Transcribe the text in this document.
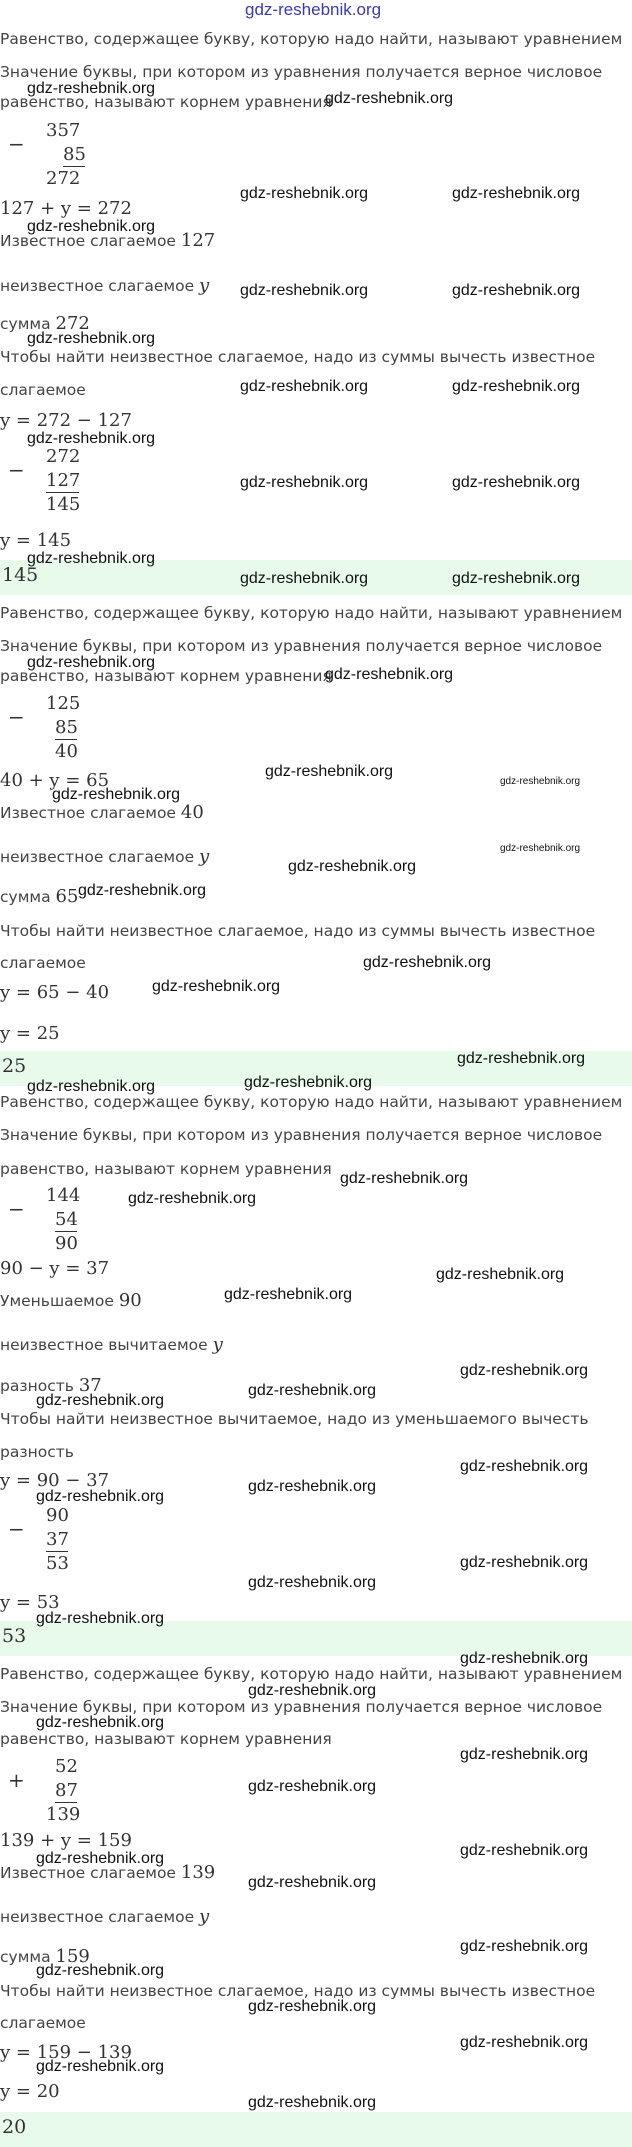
gdz-reshebnik.org
Равенство, содержащее букву, которую надо найти, называют уравнением
Значение буквы, при котором из уравнения получается верное числовое
равенство, называют корнем уравнения
−
357
85
272
127 + y = 272
Известное слагаемое 127
неизвестное слагаемое y
сумма 272
Чтобы найти неизвестное слагаемое, надо из суммы вычесть известное
слагаемое
y = 272 − 127
−
272
127
145
y = 145
145
Равенство, содержащее букву, которую надо найти, называют уравнением
Значение буквы, при котором из уравнения получается верное числовое
равенство, называют корнем уравнения
−
125
85
40
40 + y = 65
Известное слагаемое 40
неизвестное слагаемое y
сумма 65
Чтобы найти неизвестное слагаемое, надо из суммы вычесть известное
слагаемое
y = 65 − 40
y = 25
25
Равенство, содержащее букву, которую надо найти, называют уравнением
Значение буквы, при котором из уравнения получается верное числовое
равенство, называют корнем уравнения
−
144
54
90
90 − y = 37
Уменьшаемое 90
неизвестное вычитаемое y
разность 37
Чтобы найти неизвестное вычитаемое, надо из уменьшаемого вычесть
разность
y = 90 − 37
−
90
37
53
y = 53
53
Равенство, содержащее букву, которую надо найти, называют уравнением
Значение буквы, при котором из уравнения получается верное числовое
равенство, называют корнем уравнения
+
52
87
139
139 + y = 159
Известное слагаемое 139
неизвестное слагаемое y
сумма 159
Чтобы найти неизвестное слагаемое, надо из суммы вычесть известное
слагаемое
y = 159 − 139
y = 20
20
gdz-reshebnik.org
gdz-reshebnik.org
gdz-reshebnik.org	gdz-reshebnik.org
gdz-reshebnik.org
gdz-reshebnik.org	gdz-reshebnik.org
gdz-reshebnik.org
gdz-reshebnik.org	gdz-reshebnik.org
gdz-reshebnik.org
gdz-reshebnik.org	gdz-reshebnik.org
gdz-reshebnik.org
gdz-reshebnik.org	gdz-reshebnik.org
gdz-reshebnik.org
gdz-reshebnik.org
gdz-reshebnik.org
gdz-reshebnik.org
gdz-reshebnik.org
gdz-reshebnik.org
gdz-reshebnik.org
gdz-reshebnik.org
gdz-reshebnik.org
gdz-reshebnik.org
gdz-reshebnik.org
gdz-reshebnik.org	gdz-reshebnik.org
gdz-reshebnik.org
gdz-reshebnik.org
gdz-reshebnik.org
gdz-reshebnik.org
gdz-reshebnik.org
gdz-reshebnik.org
gdz-reshebnik.org
gdz-reshebnik.org
gdz-reshebnik.org
gdz-reshebnik.org
gdz-reshebnik.org
gdz-reshebnik.org
gdz-reshebnik.org
gdz-reshebnik.org
gdz-reshebnik.org
gdz-reshebnik.org
gdz-reshebnik.org
gdz-reshebnik.org
gdz-reshebnik.org
gdz-reshebnik.org
gdz-reshebnik.org
gdz-reshebnik.org
gdz-reshebnik.org
gdz-reshebnik.org
gdz-reshebnik.org
gdz-reshebnik.org
gdz-reshebnik.org
